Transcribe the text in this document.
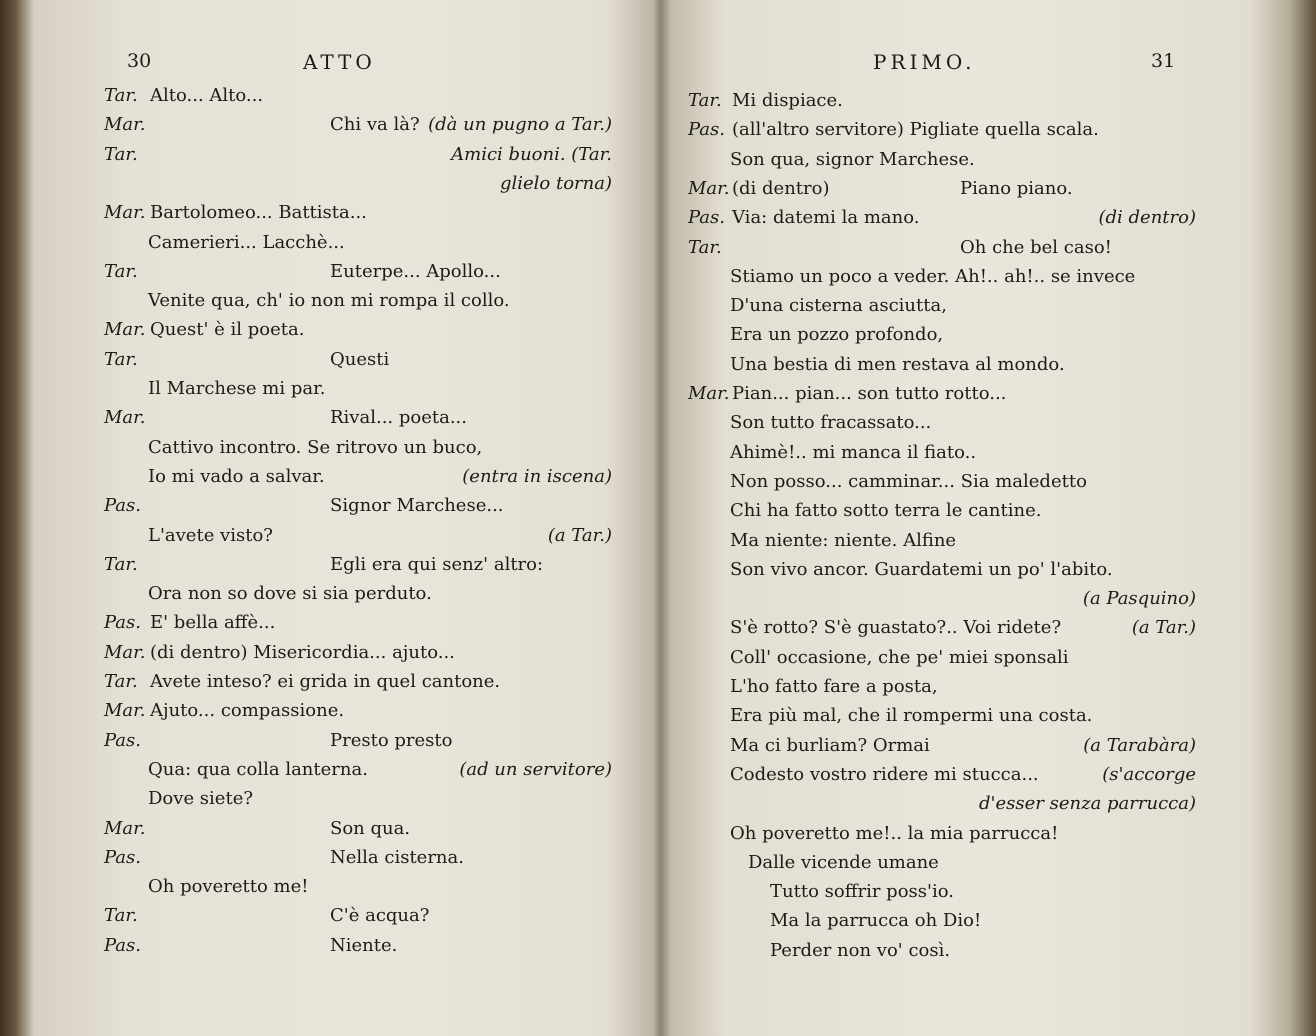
30	ATTO
Tar. Alto... Alto...
Mar.	Chi va là? (dà un pugno a Tar.)
Tar.	Amici buoni. (Tar.
glielo torna)
Mar. Bartolomeo... Battista...
Camerieri... Lacchè...
Tar.	Euterpe... Apollo...
Venite qua, ch' io non mi rompa il collo.
Mar. Quest' è il poeta.
Tar.	Questi
Il Marchese mi par.
Mar.	Rival... poeta...
Cattivo incontro. Se ritrovo un buco,
Io mi vado a salvar.	(entra in iscena)
Pas.	Signor Marchese...
L'avete visto?	(a Tar.)
Tar.	Egli era qui senz' altro:
Ora non so dove si sia perduto.
Pas. E' bella affè...
Mar. (di dentro) Misericordia... ajuto...
Tar. Avete inteso? ei grida in quel cantone.
Mar. Ajuto... compassione.
Pas.	Presto presto
Qua: qua colla lanterna.	(ad un servitore)
Dove siete?
Mar.	Son qua.
Pas.	Nella cisterna.
Oh poveretto me!
Tar.	C'è acqua?
Pas.	Niente.
PRIMO.	31
Tar. Mi dispiace.
Pas. (all'altro servitore) Pigliate quella scala.
Son qua, signor Marchese.
Mar. (di dentro)	Piano piano.
Pas. Via: datemi la mano.	(di dentro)
Tar.	Oh che bel caso!
Stiamo un poco a veder. Ah!.. ah!.. se invece
D'una cisterna asciutta,
Era un pozzo profondo,
Una bestia di men restava al mondo.
Mar. Pian... pian... son tutto rotto...
Son tutto fracassato...
Ahimè!.. mi manca il fiato..
Non posso... camminar... Sia maledetto
Chi ha fatto sotto terra le cantine.
Ma niente: niente. Alfine
Son vivo ancor. Guardatemi un po' l'abito.
(a Pasquino)
S'è rotto? S'è guastato?.. Voi ridete?	(a Tar.)
Coll' occasione, che pe' miei sponsali
L'ho fatto fare a posta,
Era più mal, che il rompermi una costa.
Ma ci burliam? Ormai	(a Tarabàra)
Codesto vostro ridere mi stucca...	(s'accorge
d'esser senza parrucca)
Oh poveretto me!.. la mia parrucca!
Dalle vicende umane
Tutto soffrir poss'io.
Ma la parrucca oh Dio!
Perder non vo' così.
